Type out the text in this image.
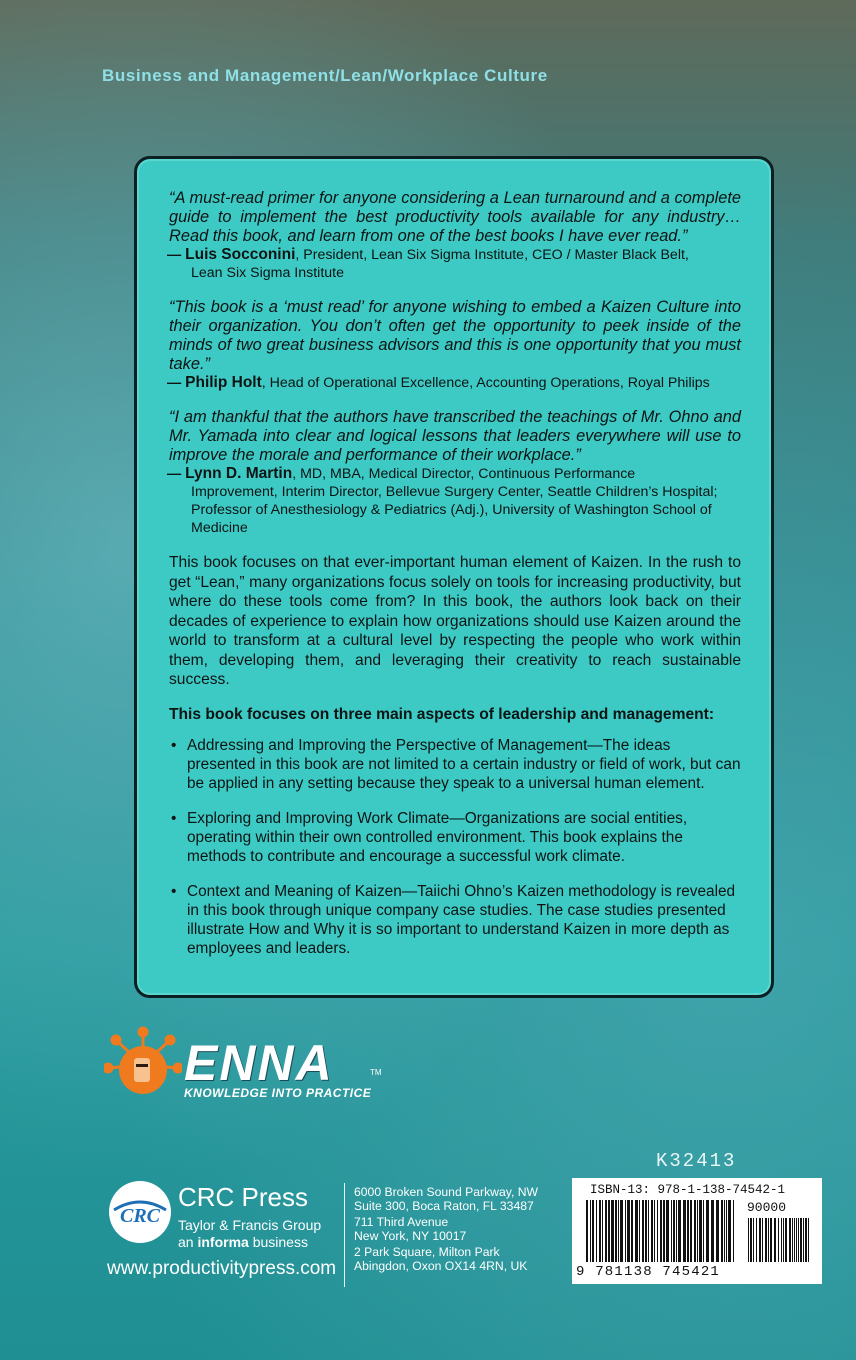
Business and Management/Lean/Workplace Culture
“A must-read primer for anyone considering a Lean turnaround and a complete guide to implement the best productivity tools available for any industry… Read this book, and learn from one of the best books I have ever read.”
— Luis Socconini, President, Lean Six Sigma Institute, CEO / Master Black Belt,
Lean Six Sigma Institute
“This book is a ‘must read’ for anyone wishing to embed a Kaizen Culture into their organization. You don’t often get the opportunity to peek inside of the minds of two great business advisors and this is one opportunity that you must take.”
— Philip Holt, Head of Operational Excellence, Accounting Operations, Royal Philips
“I am thankful that the authors have transcribed the teachings of Mr. Ohno and Mr. Yamada into clear and logical lessons that leaders everywhere will use to improve the morale and performance of their workplace.”
— Lynn D. Martin, MD, MBA, Medical Director, Continuous Performance
Improvement, Interim Director, Bellevue Surgery Center, Seattle Children’s Hospital; Professor of Anesthesiology & Pediatrics (Adj.), University of Washington School of Medicine
This book focuses on that ever-important human element of Kaizen. In the rush to get “Lean,” many organizations focus solely on tools for increasing productivity, but where do these tools come from? In this book, the authors look back on their decades of experience to explain how organizations should use Kaizen around the world to transform at a cultural level by respecting the people who work within them, developing them, and leveraging their creativity to reach sustainable success.
This book focuses on three main aspects of leadership and management:
• Addressing and Improving the Perspective of Management—The ideas presented in this book are not limited to a certain industry or field of work, but can be applied in any setting because they speak to a universal human element.
• Exploring and Improving Work Climate—Organizations are social entities, operating within their own controlled environment. This book explains the methods to contribute and encourage a successful work climate.
• Context and Meaning of Kaizen—Taiichi Ohno’s Kaizen methodology is revealed in this book through unique company case studies. The case studies presented illustrate How and Why it is so important to understand Kaizen in more depth as employees and leaders.
ENNA	TM
KNOWLEDGE INTO PRACTICE
K32413
CRC
CRC Press
Taylor & Francis Group
an informa business
www.productivitypress.com
6000 Broken Sound Parkway, NW
Suite 300, Boca Raton, FL 33487
711 Third Avenue
New York, NY 10017
2 Park Square, Milton Park
Abingdon, Oxon OX14 4RN, UK
ISBN-13: 978-1-138-74542-1
90000
9 781138 745421
